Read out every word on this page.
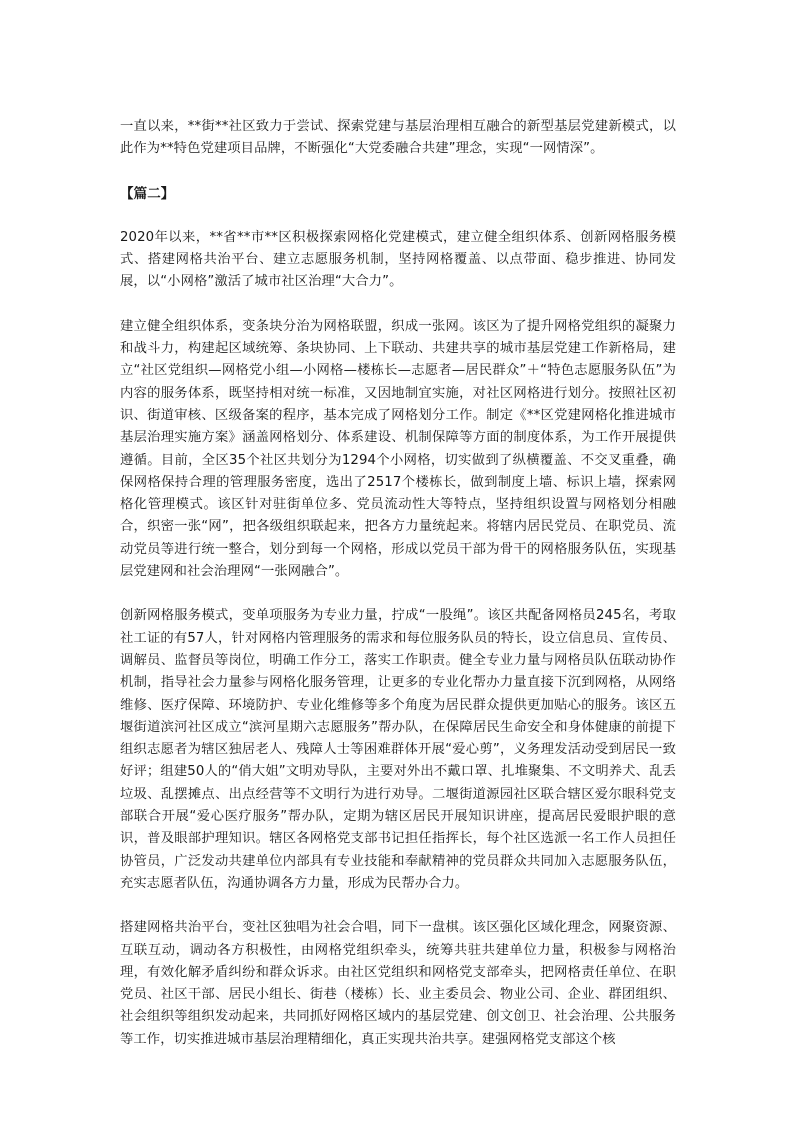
一直以来，**街**社区致力于尝试、探索党建与基层治理相互融合的新型基层党建新模式，以此作为**特色党建项目品牌，不断强化“大党委融合共建”理念，实现“一网情深”。

【篇二】

2020年以来，**省**市**区积极探索网格化党建模式，建立健全组织体系、创新网格服务模式、搭建网格共治平台、建立志愿服务机制，坚持网格覆盖、以点带面、稳步推进、协同发展，以“小网格”激活了城市社区治理“大合力”。

建立健全组织体系，变条块分治为网格联盟，织成一张网。该区为了提升网格党组织的凝聚力和战斗力，构建起区域统筹、条块协同、上下联动、共建共享的城市基层党建工作新格局，建立“社区党组织—网格党小组—小网格—楼栋长—志愿者—居民群众”＋“特色志愿服务队伍”为内容的服务体系，既坚持相对统一标准，又因地制宜实施，对社区网格进行划分。按照社区初识、街道审核、区级备案的程序，基本完成了网格划分工作。制定《**区党建网格化推进城市基层治理实施方案》涵盖网格划分、体系建设、机制保障等方面的制度体系，为工作开展提供遵循。目前，全区35个社区共划分为1294个小网格，切实做到了纵横覆盖、不交叉重叠，确保网格保持合理的管理服务密度，选出了2517个楼栋长，做到制度上墙、标识上墙，探索网格化管理模式。该区针对驻街单位多、党员流动性大等特点，坚持组织设置与网格划分相融合，织密一张“网”，把各级组织联起来，把各方力量统起来。将辖内居民党员、在职党员、流动党员等进行统一整合，划分到每一个网格，形成以党员干部为骨干的网格服务队伍，实现基层党建网和社会治理网“一张网融合”。

创新网格服务模式，变单项服务为专业力量，拧成“一股绳”。该区共配备网格员245名，考取社工证的有57人，针对网格内管理服务的需求和每位服务队员的特长，设立信息员、宣传员、调解员、监督员等岗位，明确工作分工，落实工作职责。健全专业力量与网格员队伍联动协作机制，指导社会力量参与网格化服务管理，让更多的专业化帮办力量直接下沉到网格，从网络维修、医疗保障、环境防护、专业化维修等多个角度为居民群众提供更加贴心的服务。该区五堰街道滨河社区成立“滨河星期六志愿服务”帮办队，在保障居民生命安全和身体健康的前提下组织志愿者为辖区独居老人、残障人士等困难群体开展“爱心剪”，义务理发活动受到居民一致好评；组建50人的“俏大姐”文明劝导队，主要对外出不戴口罩、扎堆聚集、不文明养犬、乱丢垃圾、乱摆摊点、出点经营等不文明行为进行劝导。二堰街道源园社区联合辖区爱尔眼科党支部联合开展“爱心医疗服务”帮办队，定期为辖区居民开展知识讲座，提高居民爱眼护眼的意识，普及眼部护理知识。辖区各网格党支部书记担任指挥长，每个社区选派一名工作人员担任协管员，广泛发动共建单位内部具有专业技能和奉献精神的党员群众共同加入志愿服务队伍，充实志愿者队伍，沟通协调各方力量，形成为民帮办合力。

搭建网格共治平台，变社区独唱为社会合唱，同下一盘棋。该区强化区域化理念，网聚资源、互联互动，调动各方积极性，由网格党组织牵头，统筹共驻共建单位力量，积极参与网格治理，有效化解矛盾纠纷和群众诉求。由社区党组织和网格党支部牵头，把网格责任单位、在职党员、社区干部、居民小组长、街巷（楼栋）长、业主委员会、物业公司、企业、群团组织、社会组织等组织发动起来，共同抓好网格区域内的基层党建、创文创卫、社会治理、公共服务等工作，切实推进城市基层治理精细化，真正实现共治共享。建强网格党支部这个核
